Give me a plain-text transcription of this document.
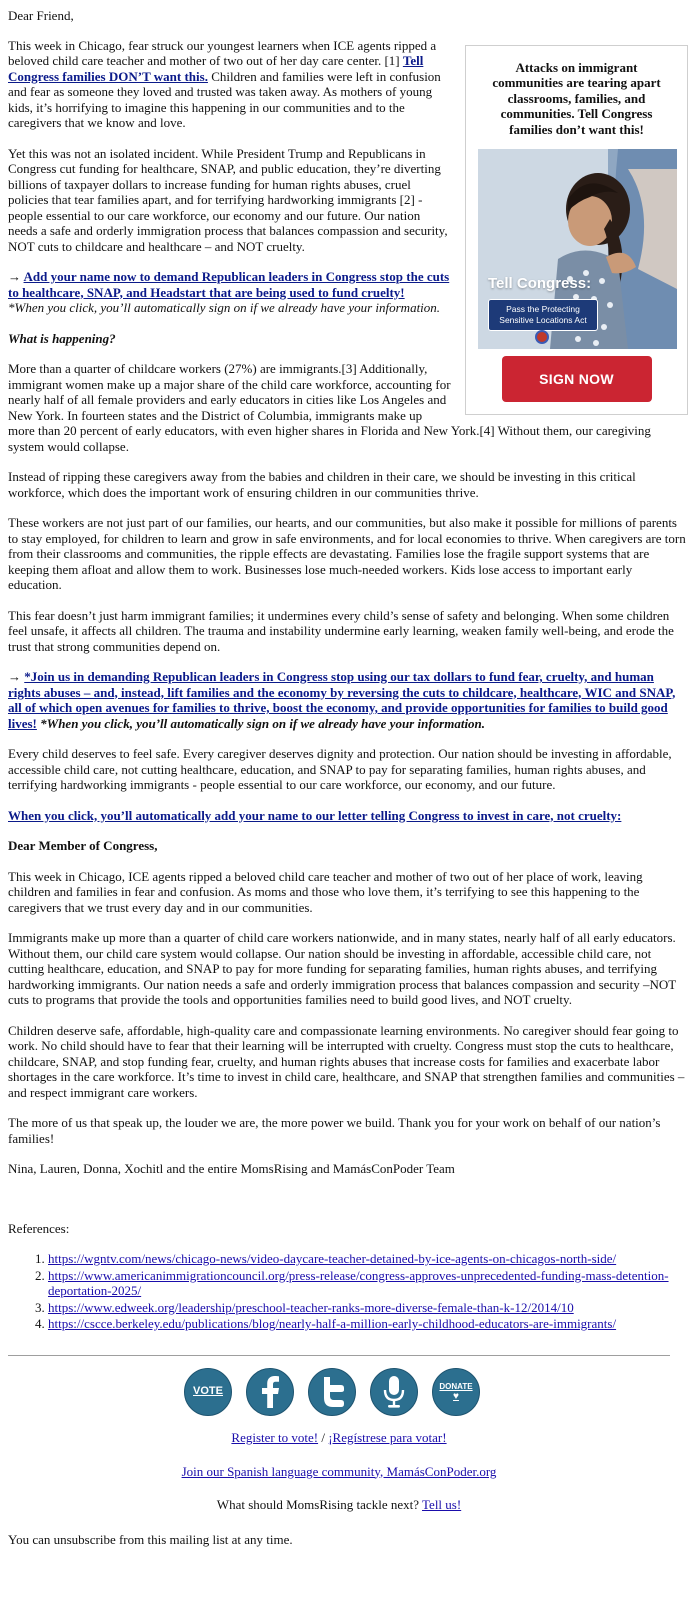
Dear Friend,

Attacks on immigrant communities are tearing apart classrooms, families, and communities. Tell Congress families don’t want this!
Tell Congress:
Pass the Protecting Sensitive Locations Act
SIGN NOW

This week in Chicago, fear struck our youngest learners when ICE agents ripped a beloved child care teacher and mother of two out of her day care center. [1] Tell Congress families DON’T want this. Children and families were left in confusion and fear as someone they loved and trusted was taken away. As mothers of young kids, it’s horrifying to imagine this happening in our communities and to the caregivers that we know and love.

Yet this was not an isolated incident. While President Trump and Republicans in Congress cut funding for healthcare, SNAP, and public education, they’re diverting billions of taxpayer dollars to increase funding for human rights abuses, cruel policies that tear families apart, and for terrifying hardworking immigrants [2] - people essential to our care workforce, our economy and our future. Our nation needs a safe and orderly immigration process that balances compassion and security, NOT cuts to childcare and healthcare – and NOT cruelty.

→ Add your name now to demand Republican leaders in Congress stop the cuts to healthcare, SNAP, and Headstart that are being used to fund cruelty!
*When you click, you’ll automatically sign on if we already have your information.

What is happening?

More than a quarter of childcare workers (27%) are immigrants.[3] Additionally, immigrant women make up a major share of the child care workforce, accounting for nearly half of all female providers and early educators in cities like Los Angeles and New York. In fourteen states and the District of Columbia, immigrants make up more than 20 percent of early educators, with even higher shares in Florida and New York.[4] Without them, our caregiving system would collapse.

Instead of ripping these caregivers away from the babies and children in their care, we should be investing in this critical workforce, which does the important work of ensuring children in our communities thrive.

These workers are not just part of our families, our hearts, and our communities, but also make it possible for millions of parents to stay employed, for children to learn and grow in safe environments, and for local economies to thrive. When caregivers are torn from their classrooms and communities, the ripple effects are devastating. Families lose the fragile support systems that are keeping them afloat and allow them to work. Businesses lose much-needed workers. Kids lose access to important early education.

This fear doesn’t just harm immigrant families; it undermines every child’s sense of safety and belonging. When some children feel unsafe, it affects all children. The trauma and instability undermine early learning, weaken family well-being, and erode the trust that strong communities depend on.

→ *Join us in demanding Republican leaders in Congress stop using our tax dollars to fund fear, cruelty, and human rights abuses – and, instead, lift families and the economy by reversing the cuts to childcare, healthcare, WIC and SNAP, all of which open avenues for families to thrive, boost the economy, and provide opportunities for families to build good lives! *When you click, you’ll automatically sign on if we already have your information.

Every child deserves to feel safe. Every caregiver deserves dignity and protection. Our nation should be investing in affordable, accessible child care, not cutting healthcare, education, and SNAP to pay for separating families, human rights abuses, and terrifying hardworking immigrants - people essential to our care workforce, our economy, and our future.

When you click, you’ll automatically add your name to our letter telling Congress to invest in care, not cruelty:

Dear Member of Congress,

This week in Chicago, ICE agents ripped a beloved child care teacher and mother of two out of her place of work, leaving children and families in fear and confusion. As moms and those who love them, it’s terrifying to see this happening to the caregivers that we trust every day and in our communities.

Immigrants make up more than a quarter of child care workers nationwide, and in many states, nearly half of all early educators. Without them, our child care system would collapse. Our nation should be investing in affordable, accessible child care, not cutting healthcare, education, and SNAP to pay for more funding for separating families, human rights abuses, and terrifying hardworking immigrants. Our nation needs a safe and orderly immigration process that balances compassion and security –NOT cuts to programs that provide the tools and opportunities families need to build good lives, and NOT cruelty.

Children deserve safe, affordable, high-quality care and compassionate learning environments. No caregiver should fear going to work. No child should have to fear that their learning will be interrupted with cruelty. Congress must stop the cuts to healthcare, childcare, SNAP, and stop funding fear, cruelty, and human rights abuses that increase costs for families and exacerbate labor shortages in the care workforce. It’s time to invest in child care, healthcare, and SNAP that strengthen families and communities – and respect immigrant care workers.

The more of us that speak up, the louder we are, the more power we build. Thank you for your work on behalf of our nation’s families!

Nina, Lauren, Donna, Xochitl and the entire MomsRising and MamásConPoder Team

References:

1. https://wgntv.com/news/chicago-news/video-daycare-teacher-detained-by-ice-agents-on-chicagos-north-side/
2. https://www.americanimmigrationcouncil.org/press-release/congress-approves-unprecedented-funding-mass-detention-deportation-2025/
3. https://www.edweek.org/leadership/preschool-teacher-ranks-more-diverse-female-than-k-12/2014/10
4. https://cscce.berkeley.edu/publications/blog/nearly-half-a-million-early-childhood-educators-are-immigrants/
VOTE	DONATE
♥

Register to vote! / ¡Regístrese para votar!

Join our Spanish language community, MamásConPoder.org

What should MomsRising tackle next? Tell us!

You can unsubscribe from this mailing list at any time.
